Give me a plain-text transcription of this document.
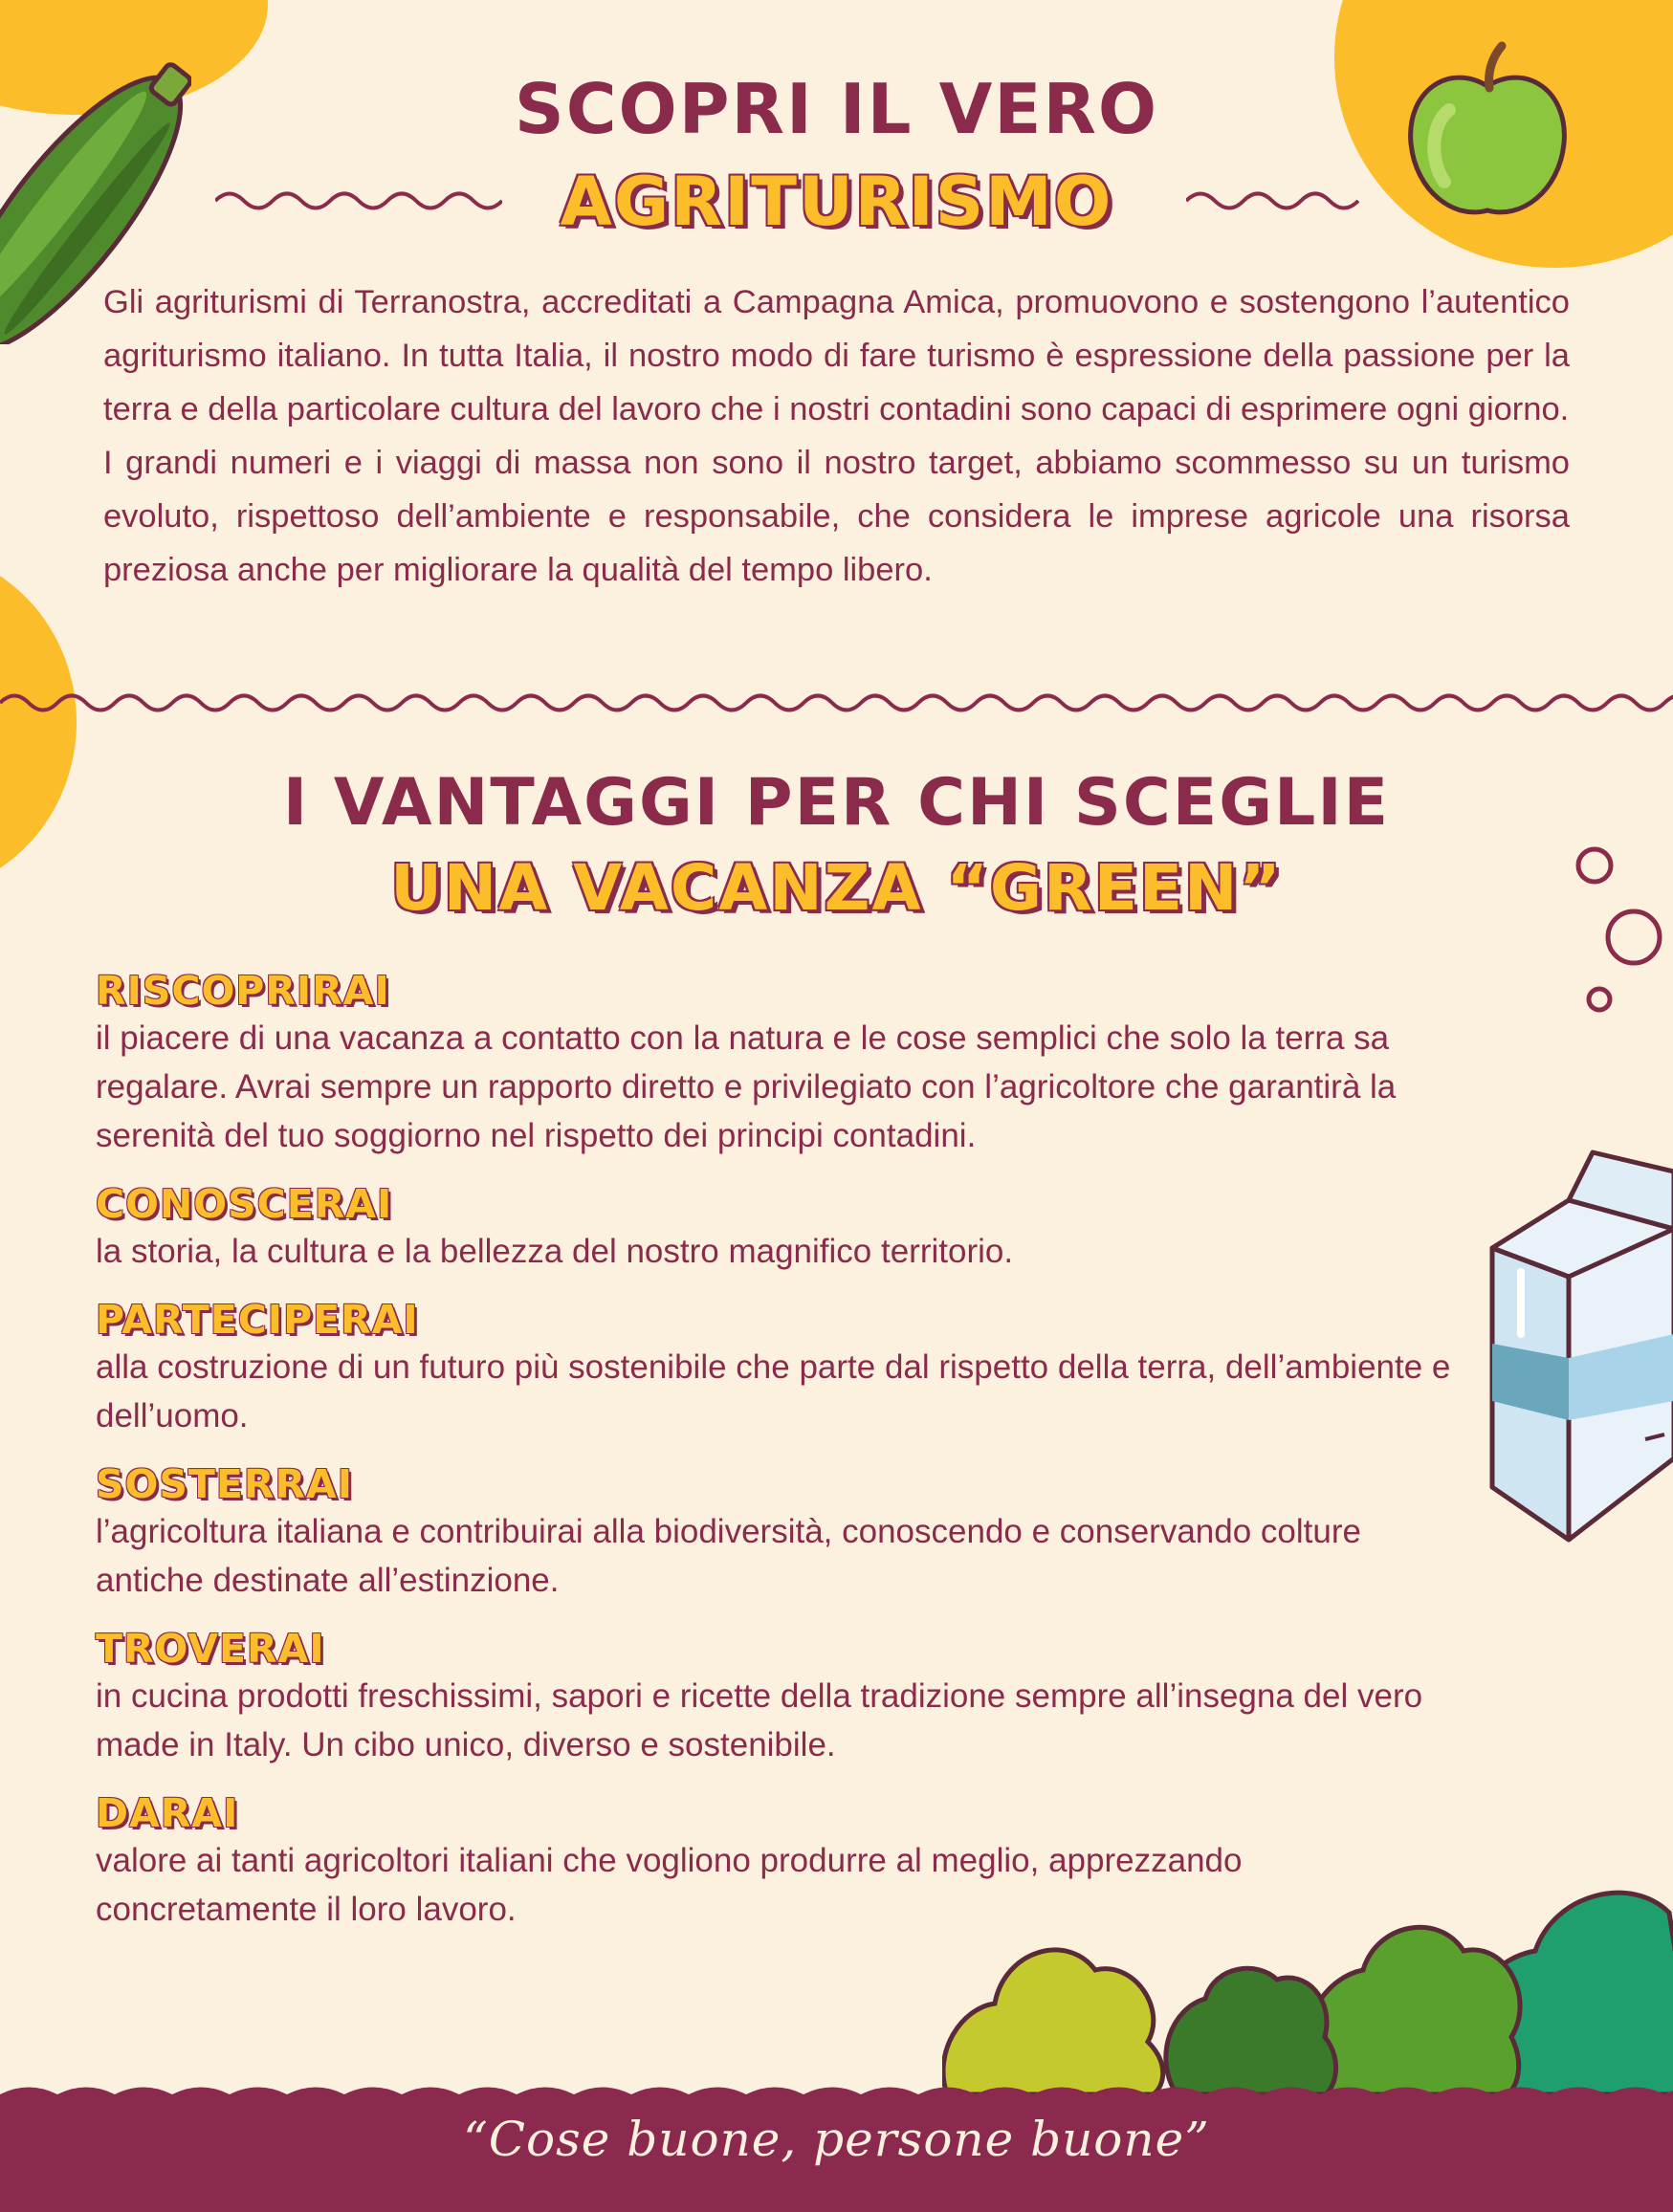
SCOPRI IL VERO
AGRITURISMO

Gli agriturismi di Terranostra, accreditati a Campagna Amica, promuovono e sostengono l’autentico agriturismo italiano. In tutta Italia, il nostro modo di fare turismo è espressione della passione per la terra e della particolare cultura del lavoro che i nostri contadini sono capaci di esprimere ogni giorno.

I grandi numeri e i viaggi di massa non sono il nostro target, abbiamo scommesso su un turismo evoluto, rispettoso dell’ambiente e responsabile, che considera le imprese agricole una risorsa preziosa anche per migliorare la qualità del tempo libero.

I VANTAGGI PER CHI SCEGLIE
UNA VACANZA “GREEN”
RISCOPRIRAI
il piacere di una vacanza a contatto con la natura e le cose semplici che solo la terra sa regalare. Avrai sempre un rapporto diretto e privilegiato con l’agricoltore che garantirà la serenità del tuo soggiorno nel rispetto dei principi contadini.
CONOSCERAI
la storia, la cultura e la bellezza del nostro magnifico territorio.
PARTECIPERAI
alla costruzione di un futuro più sostenibile che parte dal rispetto della terra, dell’ambiente e dell’uomo.
SOSTERRAI
l’agricoltura italiana e contribuirai alla biodiversità, conoscendo e conservando colture antiche destinate all’estinzione.
TROVERAI
in cucina prodotti freschissimi, sapori e ricette della tradizione sempre all’insegna del vero made in Italy. Un cibo unico, diverso e sostenibile.
DARAI
valore ai tanti agricoltori italiani che vogliono produrre al meglio, apprezzando concretamente il loro lavoro.

“Cose buone, persone buone”
